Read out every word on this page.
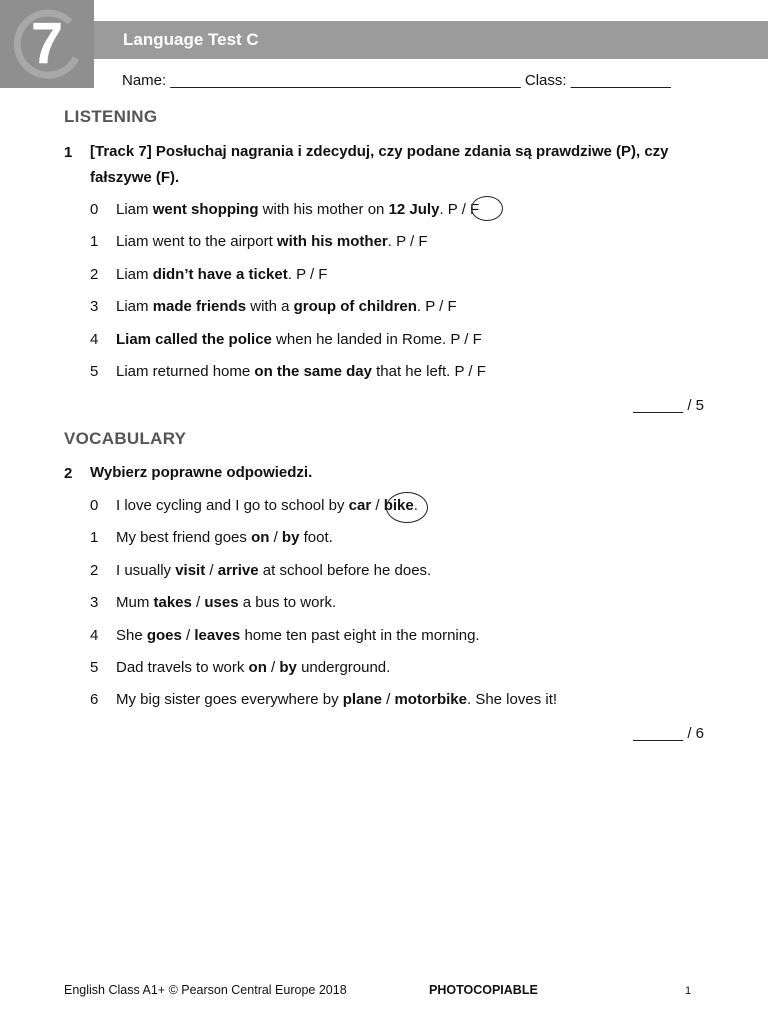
7	Language Test C
Name: __________________________________________ Class: ____________
LISTENING
1 [Track 7] Posłuchaj nagrania i zdecyduj, czy podane zdania są prawdziwe (P), czy fałszywe (F).
0 Liam went shopping with his mother on 12 July. P / F
1 Liam went to the airport with his mother. P / F
2 Liam didn’t have a ticket. P / F
3 Liam made friends with a group of children. P / F
4 Liam called the police when he landed in Rome. P / F
5 Liam returned home on the same day that he left. P / F
______ / 5
VOCABULARY
2 Wybierz poprawne odpowiedzi.
0 I love cycling and I go to school by car / bike.
1 My best friend goes on / by foot.
2 I usually visit / arrive at school before he does.
3 Mum takes / uses a bus to work.
4 She goes / leaves home ten past eight in the morning.
5 Dad travels to work on / by underground.
6 My big sister goes everywhere by plane / motorbike. She loves it!
______ / 6
English Class A1+ © Pearson Central Europe 2018	PHOTOCOPIABLE	1
